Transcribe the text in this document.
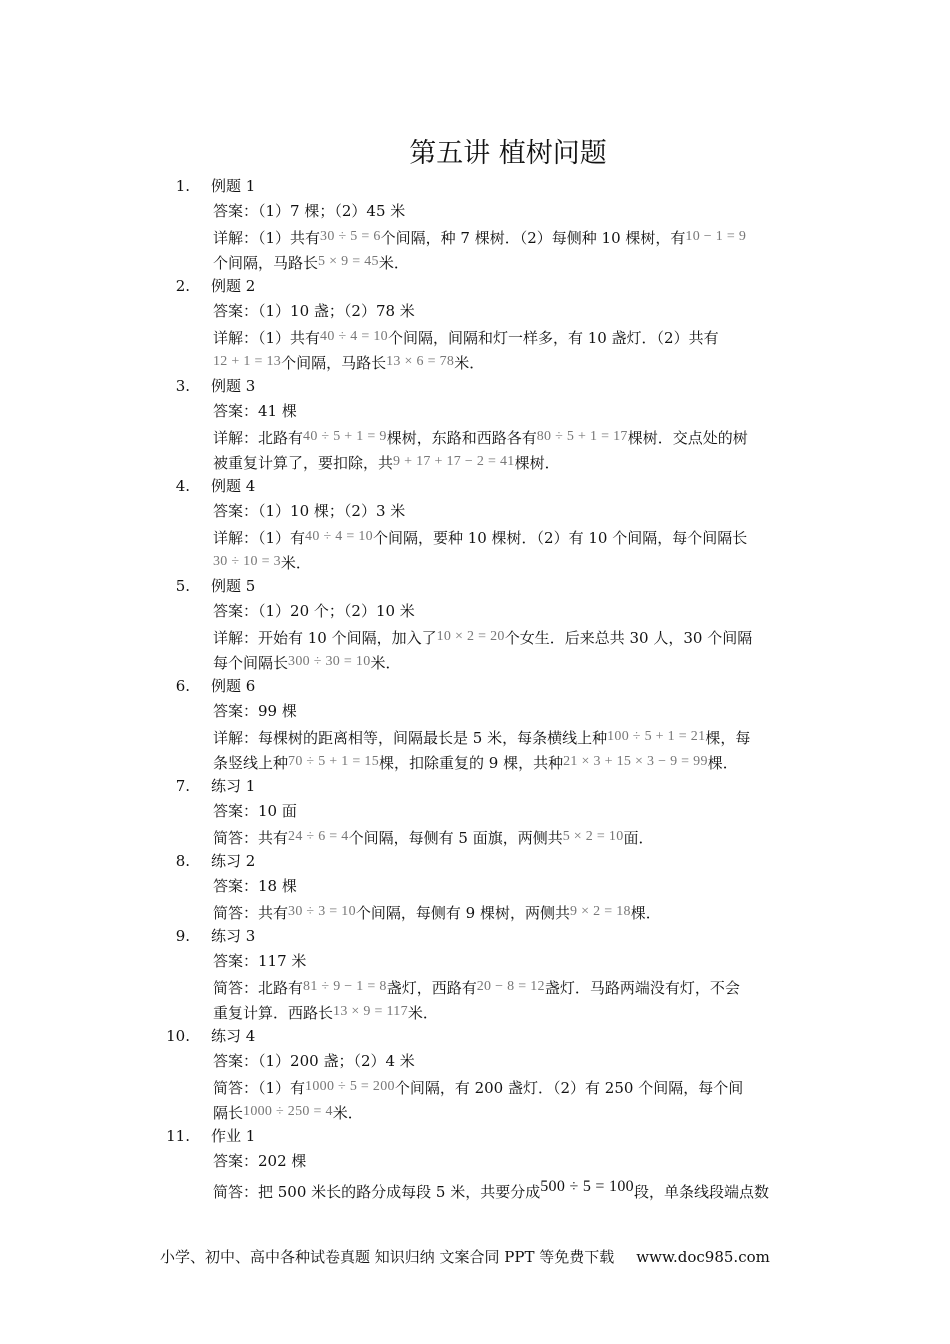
第五讲 植树问题
1. 例题 1
答案：（1）7 棵；（2）45 米
详解：（1）共有30 ÷ 5 = 6个间隔，种 7 棵树．（2）每侧种 10 棵树，有10 − 1 = 9
个间隔，马路长5 × 9 = 45米．
2. 例题 2
答案：（1）10 盏；（2）78 米
详解：（1）共有40 ÷ 4 = 10个间隔，间隔和灯一样多，有 10 盏灯．（2）共有
12 + 1 = 13个间隔，马路长13 × 6 = 78米．
3. 例题 3
答案：41 棵
详解：北路有40 ÷ 5 + 1 = 9棵树，东路和西路各有80 ÷ 5 + 1 = 17棵树．交点处的树
被重复计算了，要扣除，共9 + 17 + 17 − 2 = 41棵树．
4. 例题 4
答案：（1）10 棵；（2）3 米
详解：（1）有40 ÷ 4 = 10个间隔，要种 10 棵树．（2）有 10 个间隔，每个间隔长
30 ÷ 10 = 3米．
5. 例题 5
答案：（1）20 个；（2）10 米
详解：开始有 10 个间隔，加入了10 × 2 = 20个女生．后来总共 30 人，30 个间隔
每个间隔长300 ÷ 30 = 10米．
6. 例题 6
答案：99 棵
详解：每棵树的距离相等，间隔最长是 5 米，每条横线上种100 ÷ 5 + 1 = 21棵，每
条竖线上种70 ÷ 5 + 1 = 15棵，扣除重复的 9 棵，共种21 × 3 + 15 × 3 − 9 = 99棵．
7. 练习 1
答案：10 面
简答：共有24 ÷ 6 = 4个间隔，每侧有 5 面旗，两侧共5 × 2 = 10面．
8. 练习 2
答案：18 棵
简答：共有30 ÷ 3 = 10个间隔，每侧有 9 棵树，两侧共9 × 2 = 18棵．
9. 练习 3
答案：117 米
简答：北路有81 ÷ 9 − 1 = 8盏灯，西路有20 − 8 = 12盏灯．马路两端没有灯，不会
重复计算．西路长13 × 9 = 117米．
10. 练习 4
答案：（1）200 盏；（2）4 米
简答：（1）有1000 ÷ 5 = 200个间隔，有 200 盏灯．（2）有 250 个间隔，每个间
隔长1000 ÷ 250 = 4米．
11. 作业 1
答案：202 棵
简答：把 500 米长的路分成每段 5 米，共要分成500 ÷ 5 = 100段，单条线段端点数
小学、初中、高中各种试卷真题 知识归纳 文案合同 PPT 等免费下载 www.doc985.com
